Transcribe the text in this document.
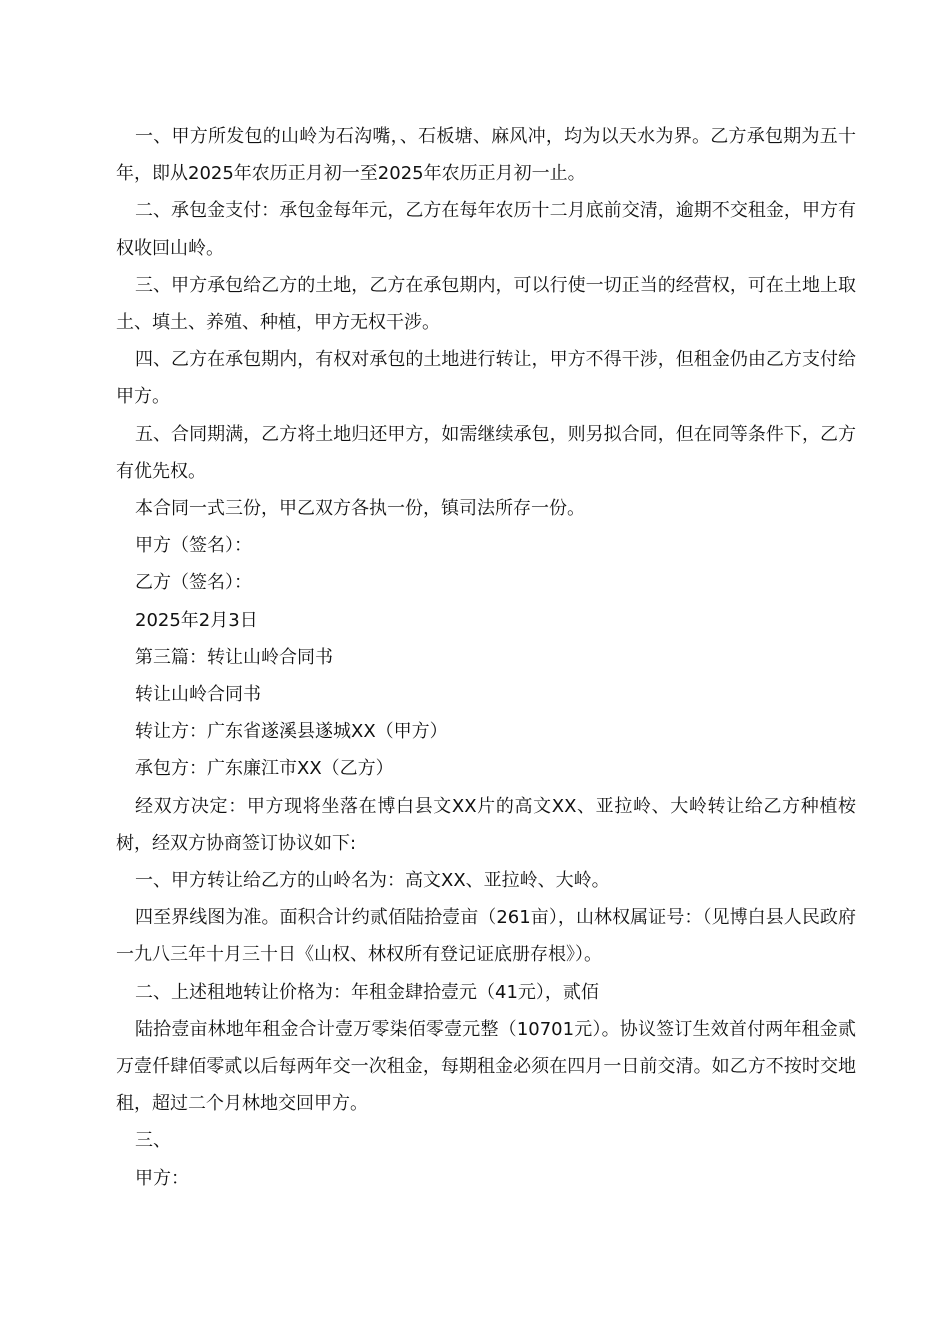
一、甲方所发包的山岭为石沟嘴，、石板塘、麻风冲，均为以天水为界。乙方承包期为五十年，即从2025年农历正月初一至2025年农历正月初一止。

二、承包金支付：承包金每年元，乙方在每年农历十二月底前交清，逾期不交租金，甲方有权收回山岭。

三、甲方承包给乙方的土地，乙方在承包期内，可以行使一切正当的经营权，可在土地上取土、填土、养殖、种植，甲方无权干涉。

四、乙方在承包期内，有权对承包的土地进行转让，甲方不得干涉，但租金仍由乙方支付给甲方。

五、合同期满，乙方将土地归还甲方，如需继续承包，则另拟合同，但在同等条件下，乙方有优先权。

本合同一式三份，甲乙双方各执一份，镇司法所存一份。

甲方（签名）：

乙方（签名）：

2025年2月3日

第三篇：转让山岭合同书

转让山岭合同书

转让方：广东省遂溪县遂城XX（甲方）

承包方：广东廉江市XX（乙方）

经双方决定：甲方现将坐落在博白县文XX片的高文XX、亚拉岭、大岭转让给乙方种植桉树，经双方协商签订协议如下:

一、甲方转让给乙方的山岭名为：高文XX、亚拉岭、大岭。

四至界线图为准。面积合计约贰佰陆拾壹亩（261亩），山林权属证号：（见博白县人民政府一九八三年十月三十日《山权、林权所有登记证底册存根》）。

二、上述租地转让价格为：年租金肆拾壹元（41元），贰佰

陆拾壹亩林地年租金合计壹万零柒佰零壹元整（10701元）。协议签订生效首付两年租金贰万壹仟肆佰零贰以后每两年交一次租金，每期租金必须在四月一日前交清。如乙方不按时交地租，超过二个月林地交回甲方。

三、

甲方：
